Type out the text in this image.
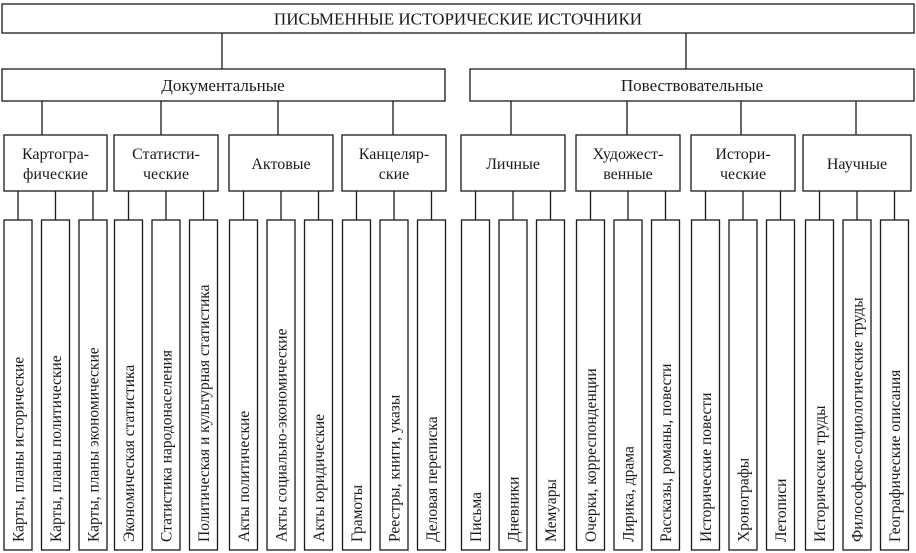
ПИСЬМЕННЫЕ ИСТОРИЧЕСКИЕ ИСТОЧНИКИ
Документальные	Повествовательные
Картогра-
фические
Статисти-
ческие
Актовые
Канцеляр-
ские
Личные
Художест-
венные
Истори-
ческие
Научные
Карты, планы исторические Карты, планы политические Карты, планы экономические Экономическая статистика Статистика народонаселения Политическая и культурная статистика Акты политические Акты социально-экономические Акты юридические Грамоты Реестры, книги, указы Деловая переписка Письма Дневники Мемуары Очерки, корреспонденции Лирика, драма Рассказы, романы, повести Исторические повести Хронографы Летописи Исторические труды Философско-социологические труды Географические описания
